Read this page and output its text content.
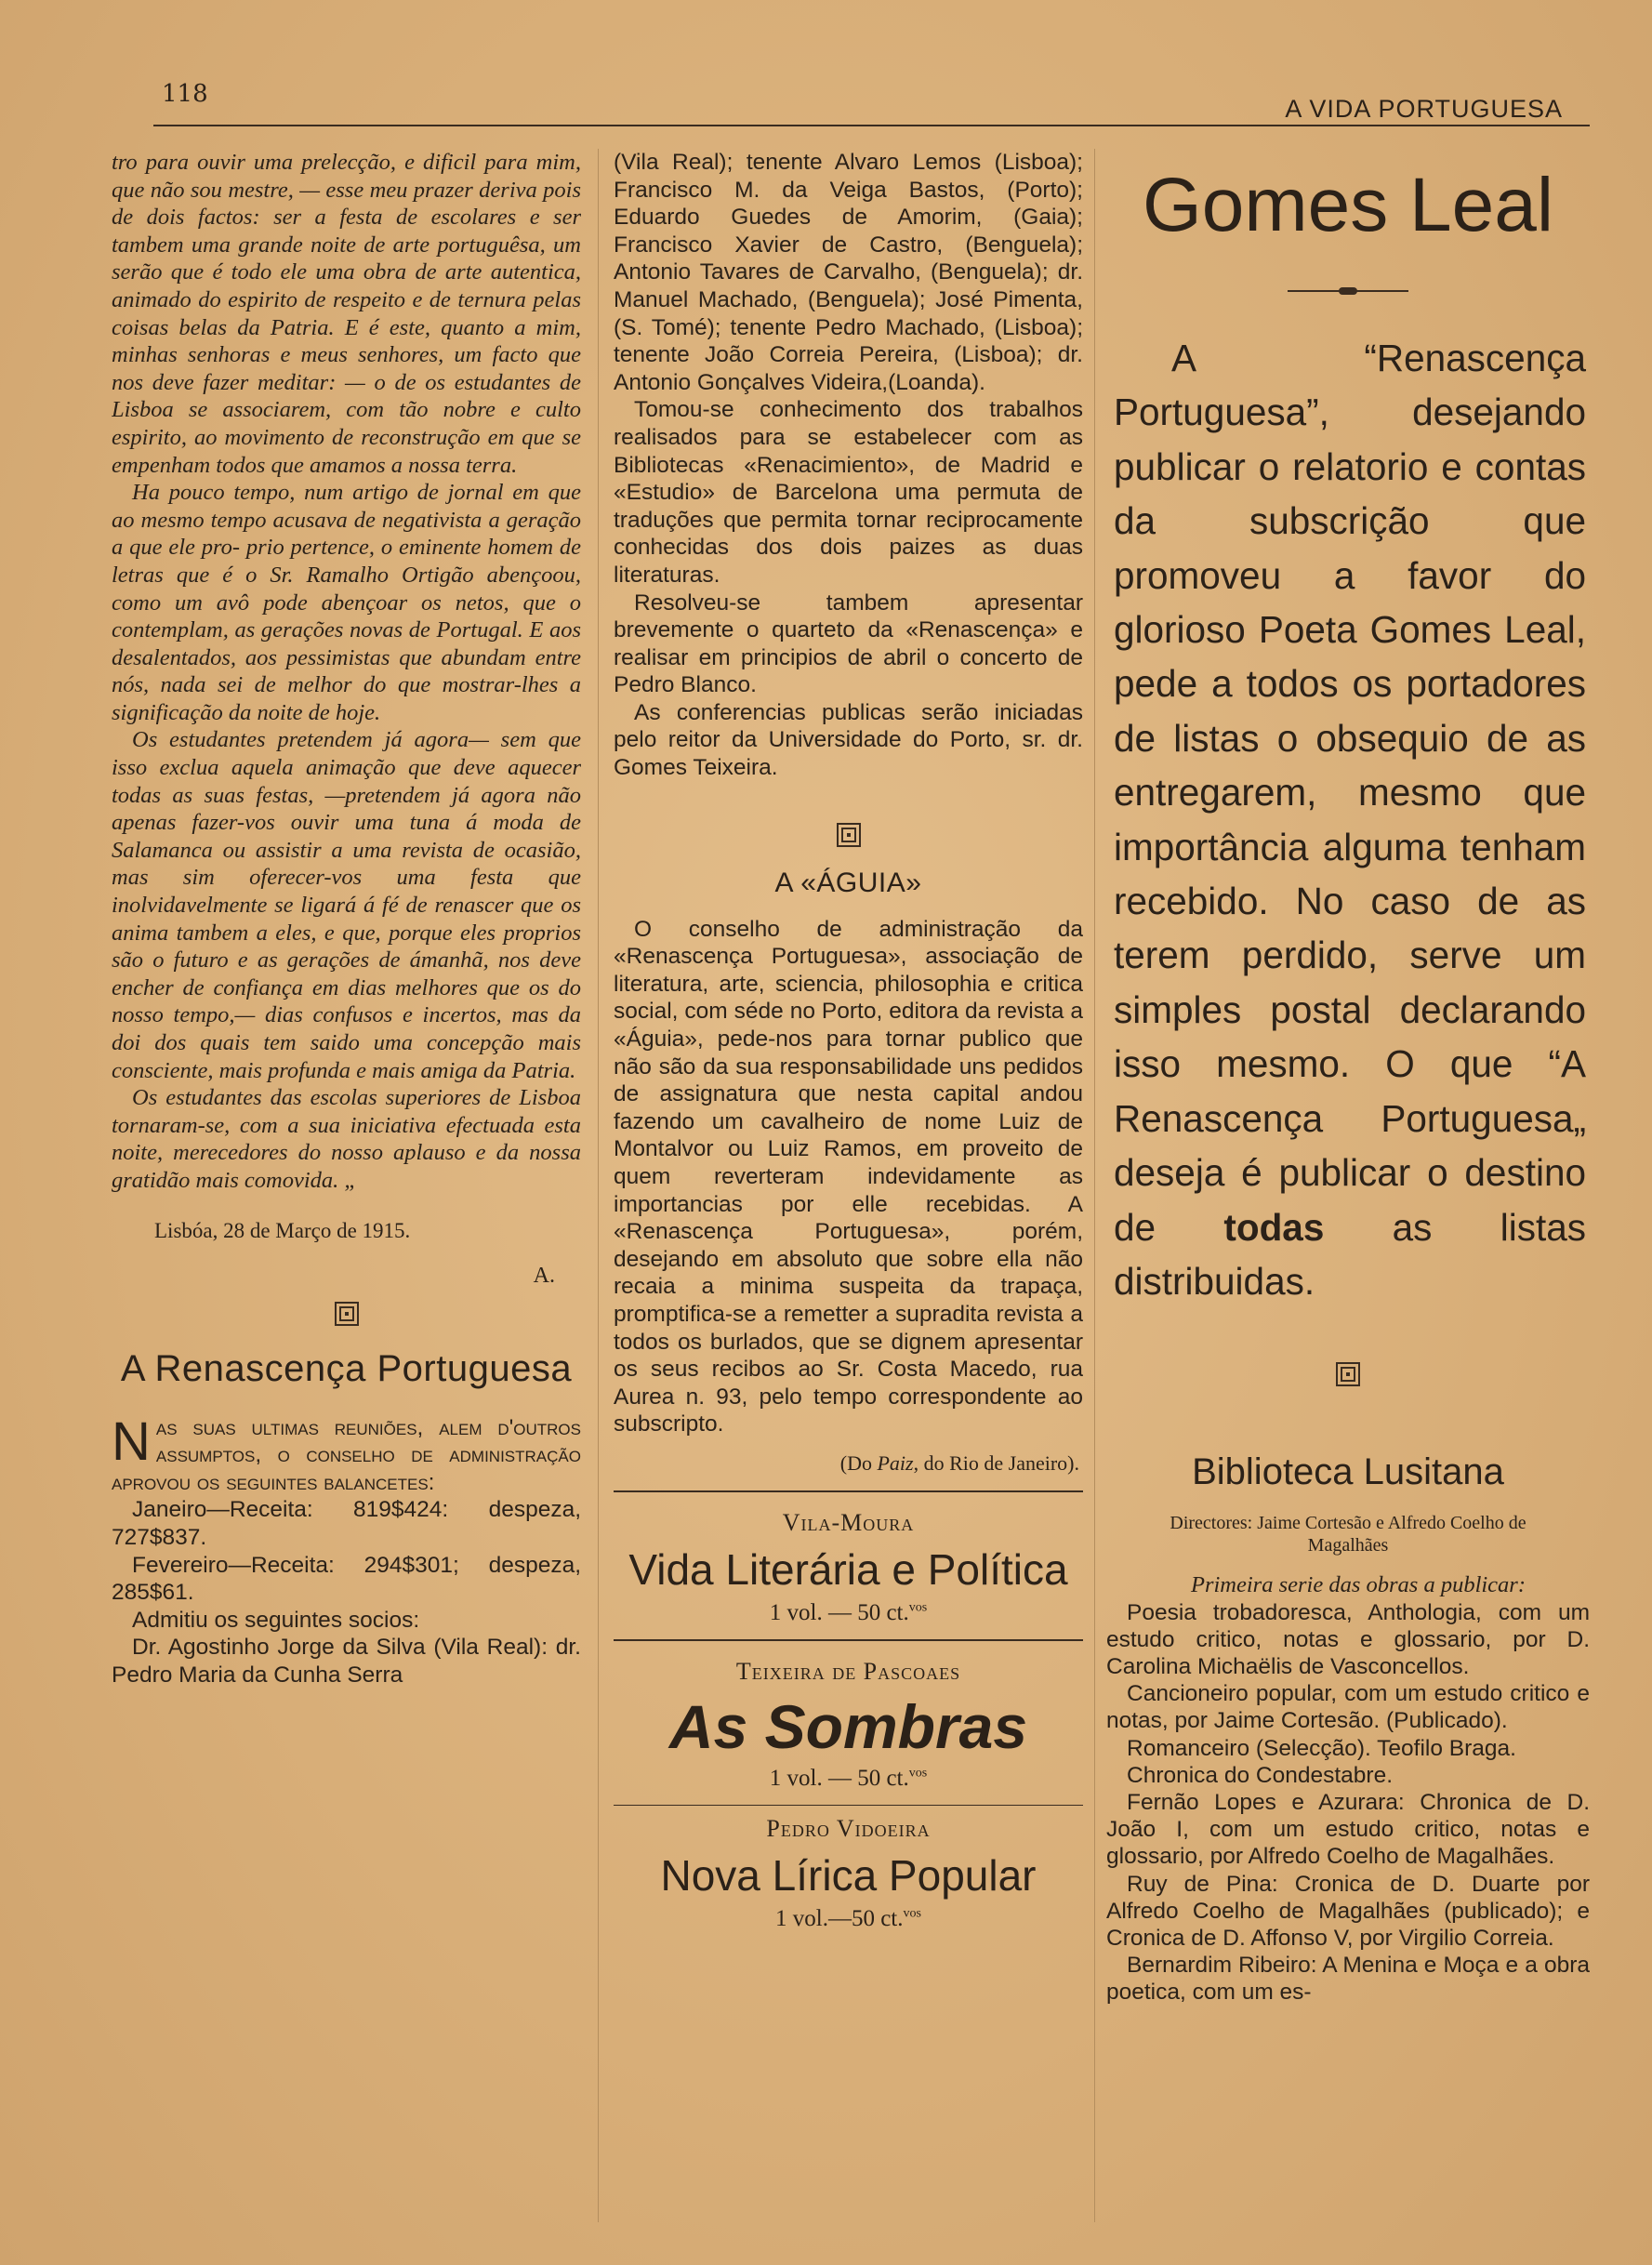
118
A VIDA PORTUGUESA

tro para ouvir uma prelecção, e dificil para mim, que não sou mestre, — esse meu prazer deriva pois de dois factos: ser a festa de escolares e ser tambem uma grande noite de arte portuguêsa, um serão que é todo ele uma obra de arte autentica, animado do espirito de respeito e de ternura pelas coisas belas da Patria. E é este, quanto a mim, minhas senhoras e meus senhores, um facto que nos deve fazer meditar: — o de os estudantes de Lisboa se associarem, com tão nobre e culto espirito, ao movimento de reconstrução em que se empenham todos que amamos a nossa terra.

Ha pouco tempo, num artigo de jornal em que ao mesmo tempo acusava de negativista a geração a que ele pro- prio pertence, o eminente homem de letras que é o Sr. Ramalho Ortigão abençoou, como um avô pode abençoar os netos, que o contemplam, as gerações novas de Portugal. E aos desalentados, aos pessimistas que abundam entre nós, nada sei de melhor do que mostrar-lhes a significação da noite de hoje.

Os estudantes pretendem já agora— sem que isso exclua aquela animação que deve aquecer todas as suas festas, —pretendem já agora não apenas fazer-vos ouvir uma tuna á moda de Salamanca ou assistir a uma revista de ocasião, mas sim oferecer-vos uma festa que inolvidavelmente se ligará á fé de renascer que os anima tambem a eles, e que, porque eles proprios são o futuro e as gerações de ámanhã, nos deve encher de confiança em dias melhores que os do nosso tempo,— dias confusos e incertos, mas da doi dos quais tem saido uma concepção mais consciente, mais profunda e mais amiga da Patria.

Os estudantes das escolas superiores de Lisboa tornaram-se, com a sua iniciativa efectuada esta noite, merecedores do nosso aplauso e da nossa gratidão mais comovida. „

Lisbóa, 28 de Março de 1915.
A.
A Renascença Portuguesa

Nas suas ultimas reuniões, alem d'outros assumptos, o conselho de administração aprovou os seguintes balancetes:

Janeiro—Receita: 819$424: despeza, 727$837.

Fevereiro—Receita: 294$301; despeza, 285$61.

Admitiu os seguintes socios:

Dr. Agostinho Jorge da Silva (Vila Real): dr. Pedro Maria da Cunha Serra

(Vila Real); tenente Alvaro Lemos (Lisboa); Francisco M. da Veiga Bastos, (Porto); Eduardo Guedes de Amorim, (Gaia); Francisco Xavier de Castro, (Benguela); Antonio Tavares de Carvalho, (Benguela); dr. Manuel Machado, (Benguela); José Pimenta, (S. Tomé); tenente Pedro Machado, (Lisboa); tenente João Correia Pereira, (Lisboa); dr. Antonio Gonçalves Videira,(Loanda).

Tomou-se conhecimento dos trabalhos realisados para se estabelecer com as Bibliotecas «Renacimiento», de Madrid e «Estudio» de Barcelona uma permuta de traduções que permita tornar reciprocamente conhecidas dos dois paizes as duas literaturas.

Resolveu-se tambem apresentar brevemente o quarteto da «Renascença» e realisar em principios de abril o concerto de Pedro Blanco.

As conferencias publicas serão iniciadas pelo reitor da Universidade do Porto, sr. dr. Gomes Teixeira.

A «ÁGUIA»

O conselho de administração da «Renascença Portuguesa», associação de literatura, arte, sciencia, philosophia e critica social, com séde no Porto, editora da revista a «Águia», pede-nos para tornar publico que não são da sua responsabilidade uns pedidos de assignatura que nesta capital andou fazendo um cavalheiro de nome Luiz de Montalvor ou Luiz Ramos, em proveito de quem reverteram indevidamente as importancias por elle recebidas. A «Renascença Portuguesa», porém, desejando em absoluto que sobre ella não recaia a minima suspeita da trapaça, promptifica-se a remetter a supradita revista a todos os burlados, que se dignem apresentar os seus recibos ao Sr. Costa Macedo, rua Aurea n. 93, pelo tempo correspondente ao subscripto.

(Do Paiz, do Rio de Janeiro).
Vila-Moura
Vida Literária e Política
1 vol. — 50 ct.$^{vos}$
Teixeira de Pascoaes
As Sombras
1 vol. — 50 ct.$^{vos}$
Pedro Vidoeira
Nova Lírica Popular
1 vol.—50 ct.$^{vos}$
Gomes Leal

A “Renascença Portuguesa”, desejando publicar o relatorio e contas da subscrição que promoveu a favor do glorioso Poeta Gomes Leal, pede a todos os portadores de listas o obsequio de as entregarem, mesmo que importância alguma tenham recebido. No caso de as terem perdido, serve um simples postal declarando isso mesmo. O que “A Renascença Portuguesa„ deseja é publicar o destino de todas as listas distribuidas.

Biblioteca Lusitana
Directores: Jaime Cortesão e Alfredo Coelho de Magalhães

Primeira serie das obras a publicar:

Poesia trobadoresca, Anthologia, com um estudo critico, notas e glossario, por D. Carolina Michaëlis de Vasconcellos.

Cancioneiro popular, com um estudo critico e notas, por Jaime Cortesão. (Publicado).

Romanceiro (Selecção). Teofilo Braga.

Chronica do Condestabre.

Fernão Lopes e Azurara: Chronica de D. João I, com um estudo critico, notas e glossario, por Alfredo Coelho de Magalhães.

Ruy de Pina: Cronica de D. Duarte por Alfredo Coelho de Magalhães (publicado); e Cronica de D. Affonso V, por Virgilio Correia.

Bernardim Ribeiro: A Menina e Moça e a obra poetica, com um es-
